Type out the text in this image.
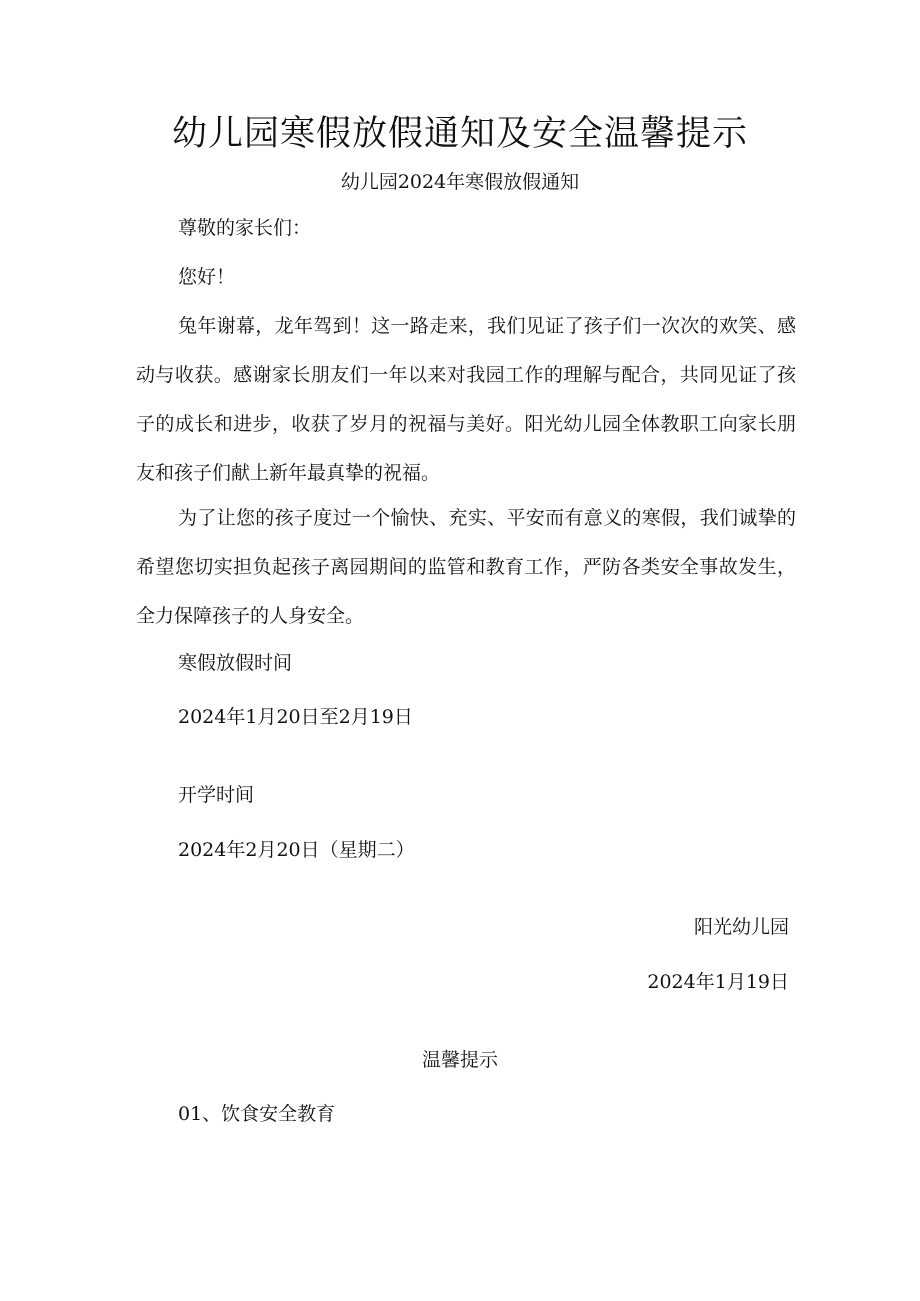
幼儿园寒假放假通知及安全温馨提示
幼儿园2024年寒假放假通知
尊敬的家长们：
您好！
兔年谢幕，龙年驾到！这一路走来，我们见证了孩子们一次次的欢笑、感动与收获。感谢家长朋友们一年以来对我园工作的理解与配合，共同见证了孩子的成长和进步，收获了岁月的祝福与美好。阳光幼儿园全体教职工向家长朋友和孩子们献上新年最真挚的祝福。
为了让您的孩子度过一个愉快、充实、平安而有意义的寒假，我们诚挚的希望您切实担负起孩子离园期间的监管和教育工作，严防各类安全事故发生，全力保障孩子的人身安全。
寒假放假时间
2024年1月20日至2月19日
开学时间
2024年2月20日（星期二）
阳光幼儿园
2024年1月19日
温馨提示
01、饮食安全教育
